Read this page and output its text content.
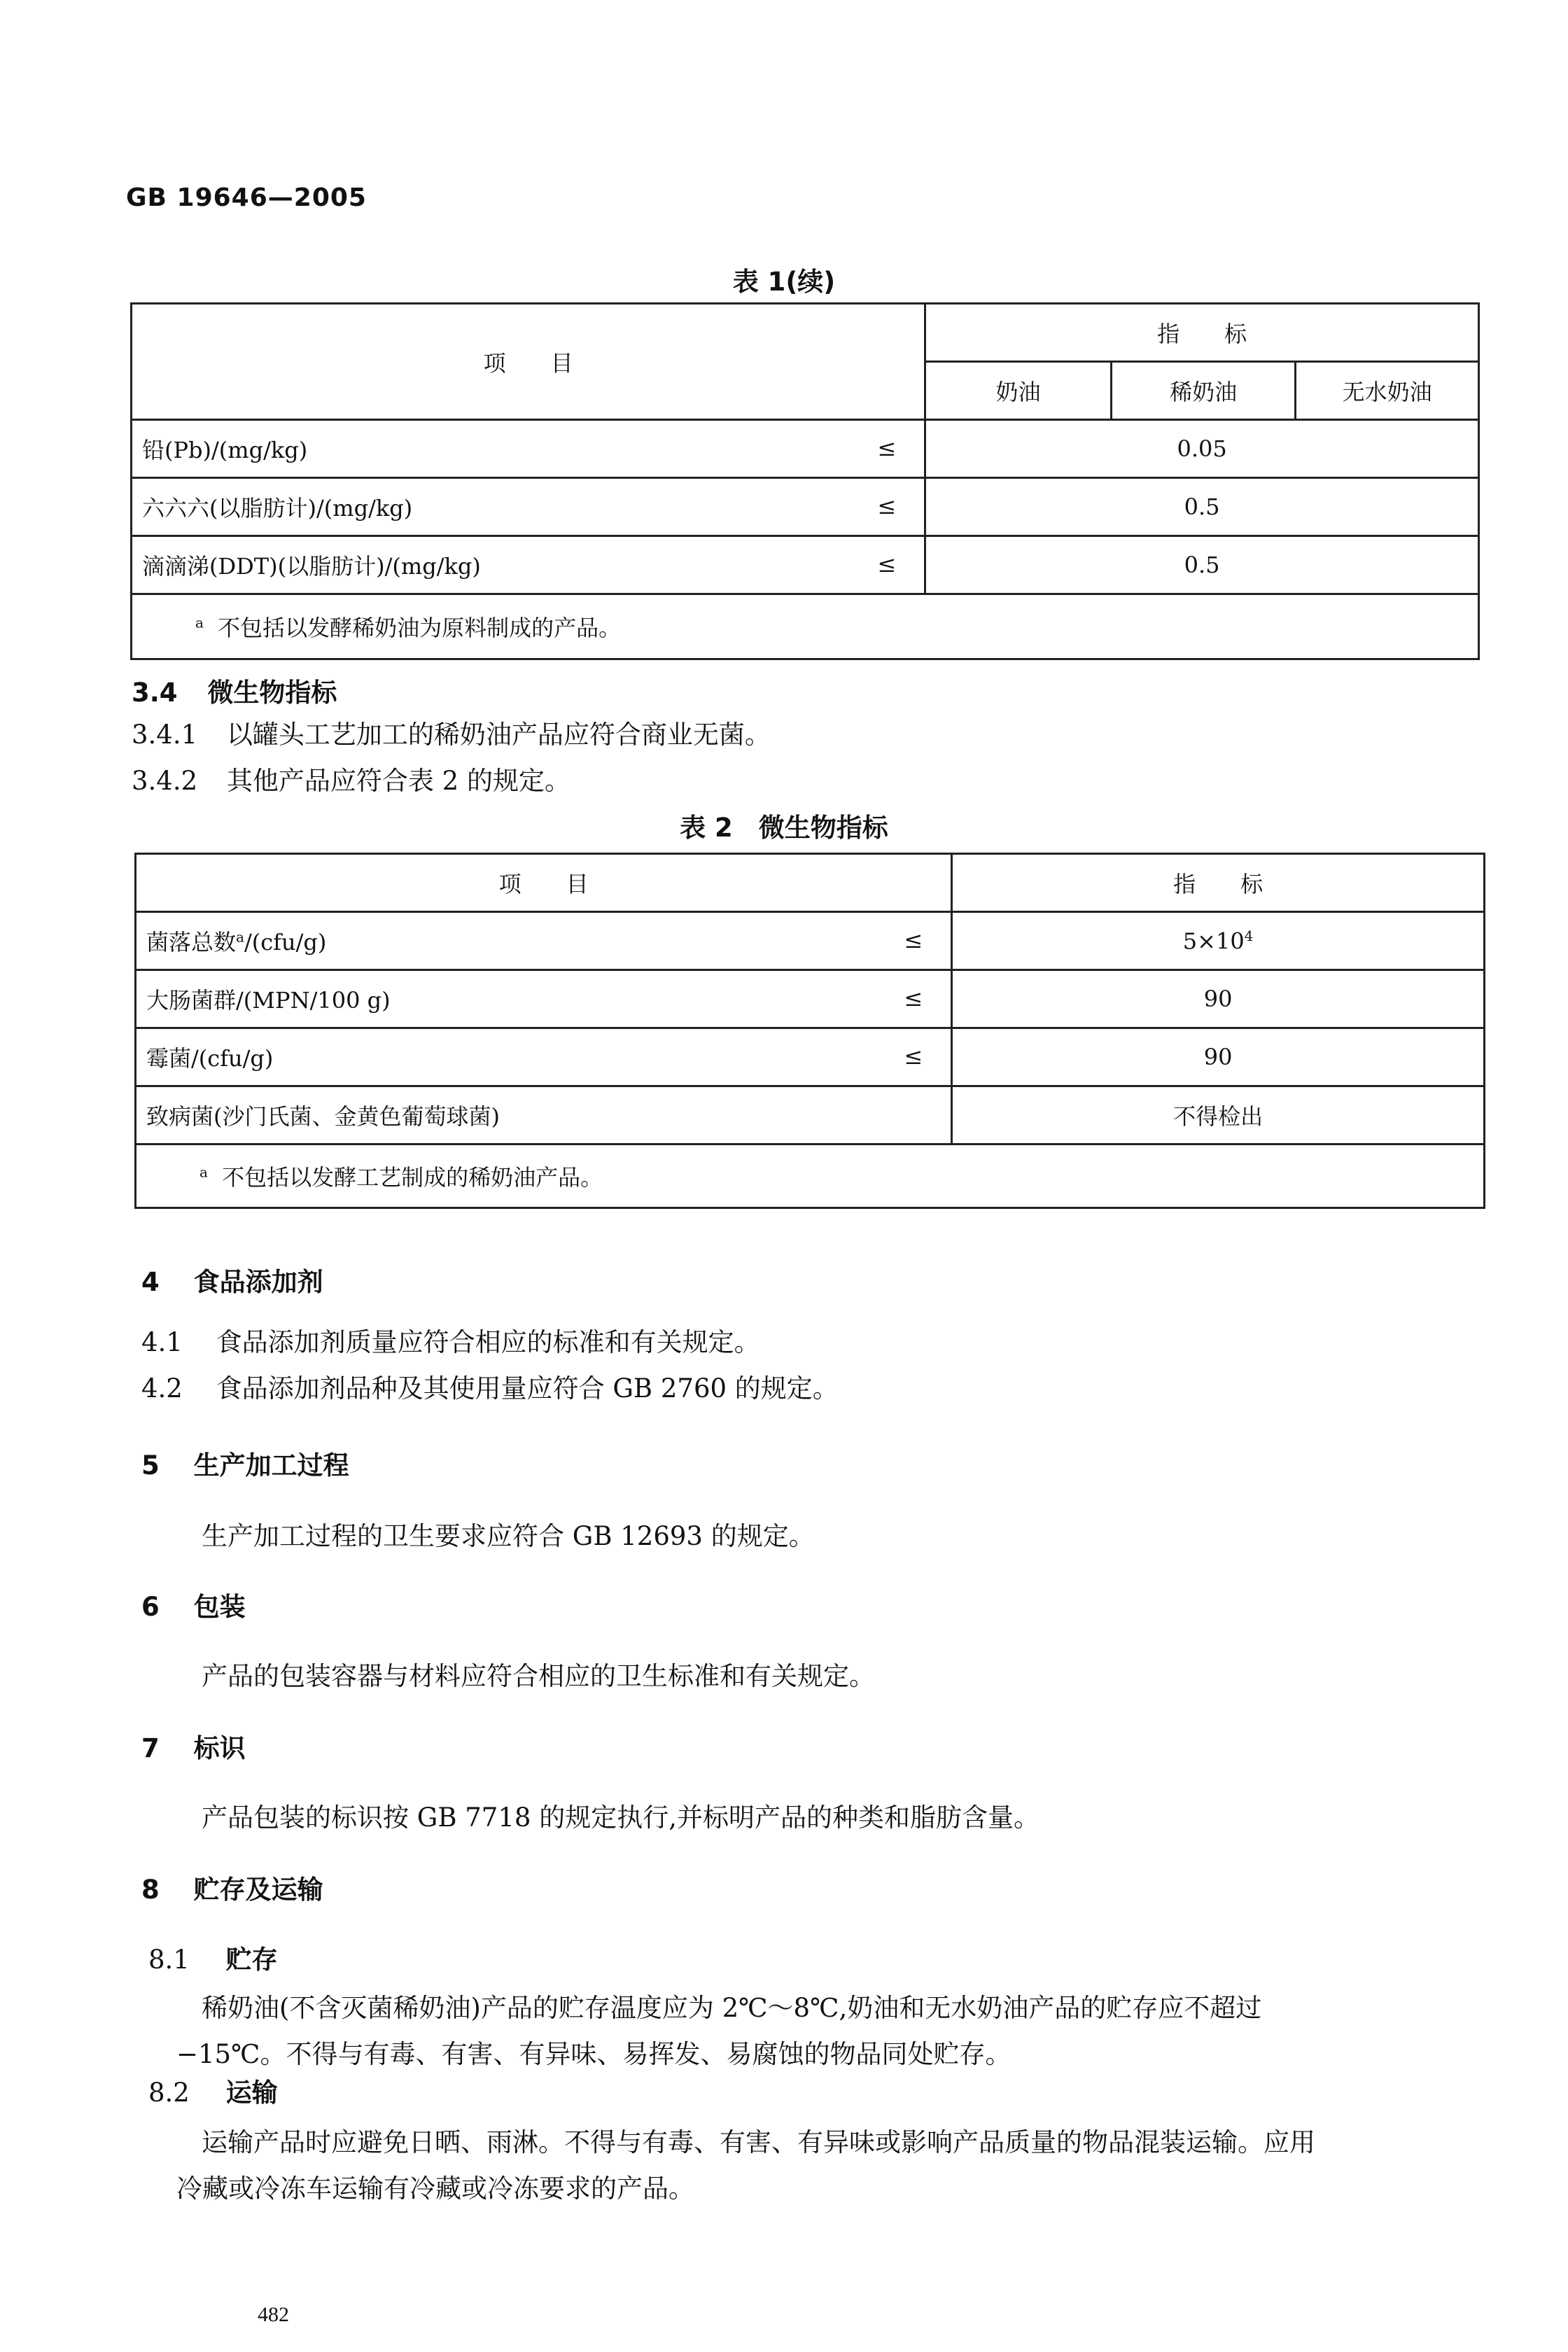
GB 19646—2005
表 1(续)
项　　目	指　　标		
	奶油	稀奶油	无水奶油
铅(Pb)/(mg/kg) ≤	0.05		
六六六(以脂肪计)/(mg/kg) ≤	0.5		
滴滴涕(DDT)(以脂肪计)/(mg/kg) ≤	0.5		
$^a$ 不包括以发酵稀奶油为原料制成的产品。			
3.4 微生物指标
3.4.1 以罐头工艺加工的稀奶油产品应符合商业无菌。
3.4.2 其他产品应符合表 2 的规定。
表 2　微生物指标
项　　目	指　　标
菌落总数$^a$/(cfu/g) ≤	$5\times 10^4$
大肠菌群/(MPN/100 g) ≤	90
霉菌/(cfu/g) ≤	90
致病菌(沙门氏菌、金黄色葡萄球菌)	不得检出
$^a$ 不包括以发酵工艺制成的稀奶油产品。	
4 食品添加剂
4.1 食品添加剂质量应符合相应的标准和有关规定。
4.2 食品添加剂品种及其使用量应符合 GB 2760 的规定。
5 生产加工过程
生产加工过程的卫生要求应符合 GB 12693 的规定。
6 包装
产品的包装容器与材料应符合相应的卫生标准和有关规定。
7 标识
产品包装的标识按 GB 7718 的规定执行,并标明产品的种类和脂肪含量。
8 贮存及运输
8.1 贮存
稀奶油(不含灭菌稀奶油)产品的贮存温度应为 2℃～8℃,奶油和无水奶油产品的贮存应不超过
−15℃。不得与有毒、有害、有异味、易挥发、易腐蚀的物品同处贮存。
8.2 运输
运输产品时应避免日晒、雨淋。不得与有毒、有害、有异味或影响产品质量的物品混装运输。应用
冷藏或冷冻车运输有冷藏或冷冻要求的产品。
482
